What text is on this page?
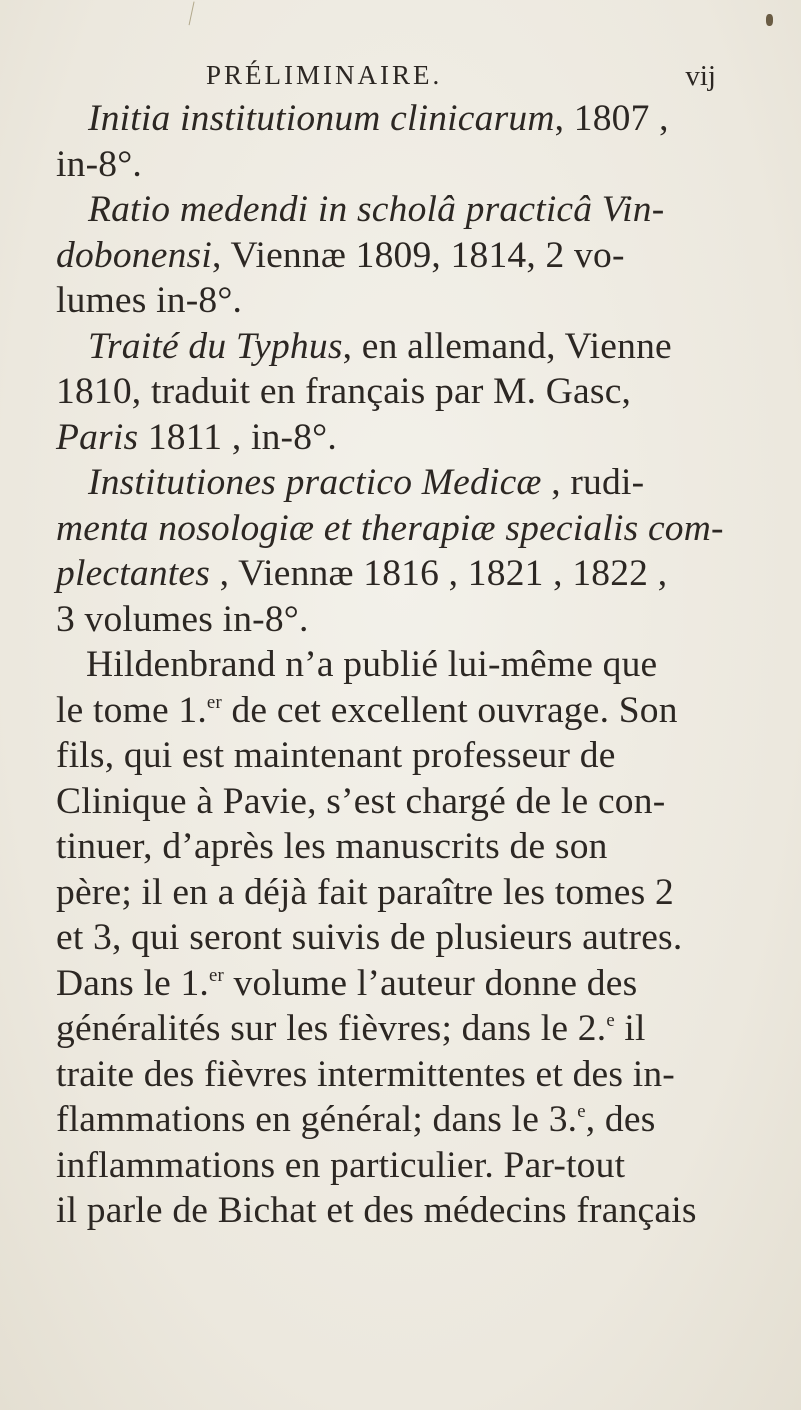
PRÉLIMINAIRE.	vij
Initia institutionum clinicarum, 1807 ,
in-8°.
Ratio medendi in scholâ practicâ Vin-
dobonensi, Viennæ 1809, 1814, 2 vo-
lumes in-8°.
Traité du Typhus, en allemand, Vienne
1810, traduit en français par M. Gasc,
Paris 1811 , in-8°.
Institutiones practico Medicæ , rudi-
menta nosologiæ et therapiæ specialis com-
plectantes , Viennæ 1816 , 1821 , 1822 ,
3 volumes in-8°.
Hildenbrand n’a publié lui-même que
le tome 1.$^{er}$ de cet excellent ouvrage. Son
fils, qui est maintenant professeur de
Clinique à Pavie, s’est chargé de le con-
tinuer, d’après les manuscrits de son
père; il en a déjà fait paraître les tomes 2
et 3, qui seront suivis de plusieurs autres.
Dans le 1.$^{er}$ volume l’auteur donne des
généralités sur les fièvres; dans le 2.$^e$ il
traite des fièvres intermittentes et des in-
flammations en général; dans le 3.$^e$, des
inflammations en particulier. Par-tout
il parle de Bichat et des médecins français
